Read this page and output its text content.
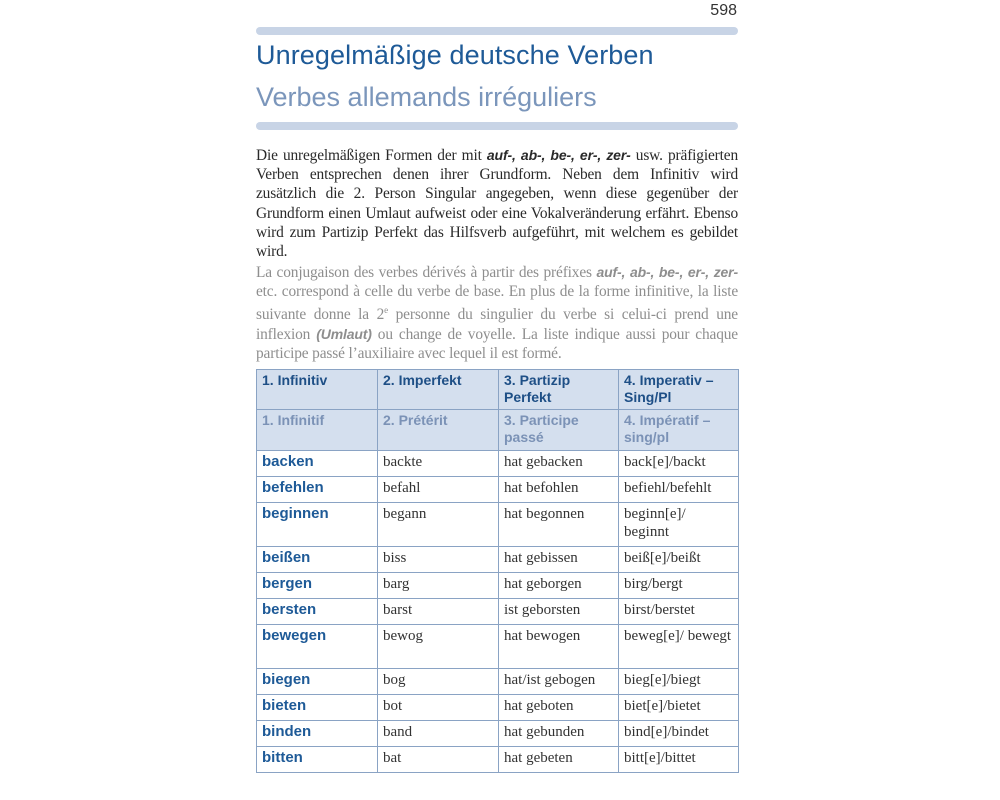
598
Unregelmäßige deutsche Verben
Verbes allemands irréguliers
Die unregelmäßigen Formen der mit auf-, ab-, be-, er-, zer- usw. präfigierten Verben entsprechen denen ihrer Grundform. Neben dem Infinitiv wird zusätzlich die 2. Person Singular angegeben, wenn diese gegenüber der Grundform einen Umlaut aufweist oder eine Vokalveränderung erfährt. Ebenso wird zum Partizip Perfekt das Hilfsverb aufgeführt, mit welchem es gebildet wird.
La conjugaison des verbes dérivés à partir des préfixes auf-, ab-, be-, er-, zer- etc. correspond à celle du verbe de base. En plus de la forme infinitive, la liste suivante donne la 2e personne du singulier du verbe si celui-ci prend une inflexion (Umlaut) ou change de voyelle. La liste indique aussi pour chaque participe passé l’auxiliaire avec lequel il est formé.
1. Infinitiv	2. Imperfekt	3. Partizip Perfekt	4. Imperativ – Sing/Pl
1. Infinitif	2. Prétérit	3. Participe passé	4. Impératif – sing/pl
backen	backte	hat gebacken	back[e]/backt
befehlen	befahl	hat befohlen	befiehl/befehlt
beginnen	begann	hat begonnen	beginn[e]/ beginnt
beißen	biss	hat gebissen	beiß[e]/beißt
bergen	barg	hat geborgen	birg/bergt
bersten	barst	ist geborsten	birst/berstet
bewegen	bewog	hat bewogen	beweg[e]/ bewegt
biegen	bog	hat/ist gebogen	bieg[e]/biegt
bieten	bot	hat geboten	biet[e]/bietet
binden	band	hat gebunden	bind[e]/bindet
bitten	bat	hat gebeten	bitt[e]/bittet
